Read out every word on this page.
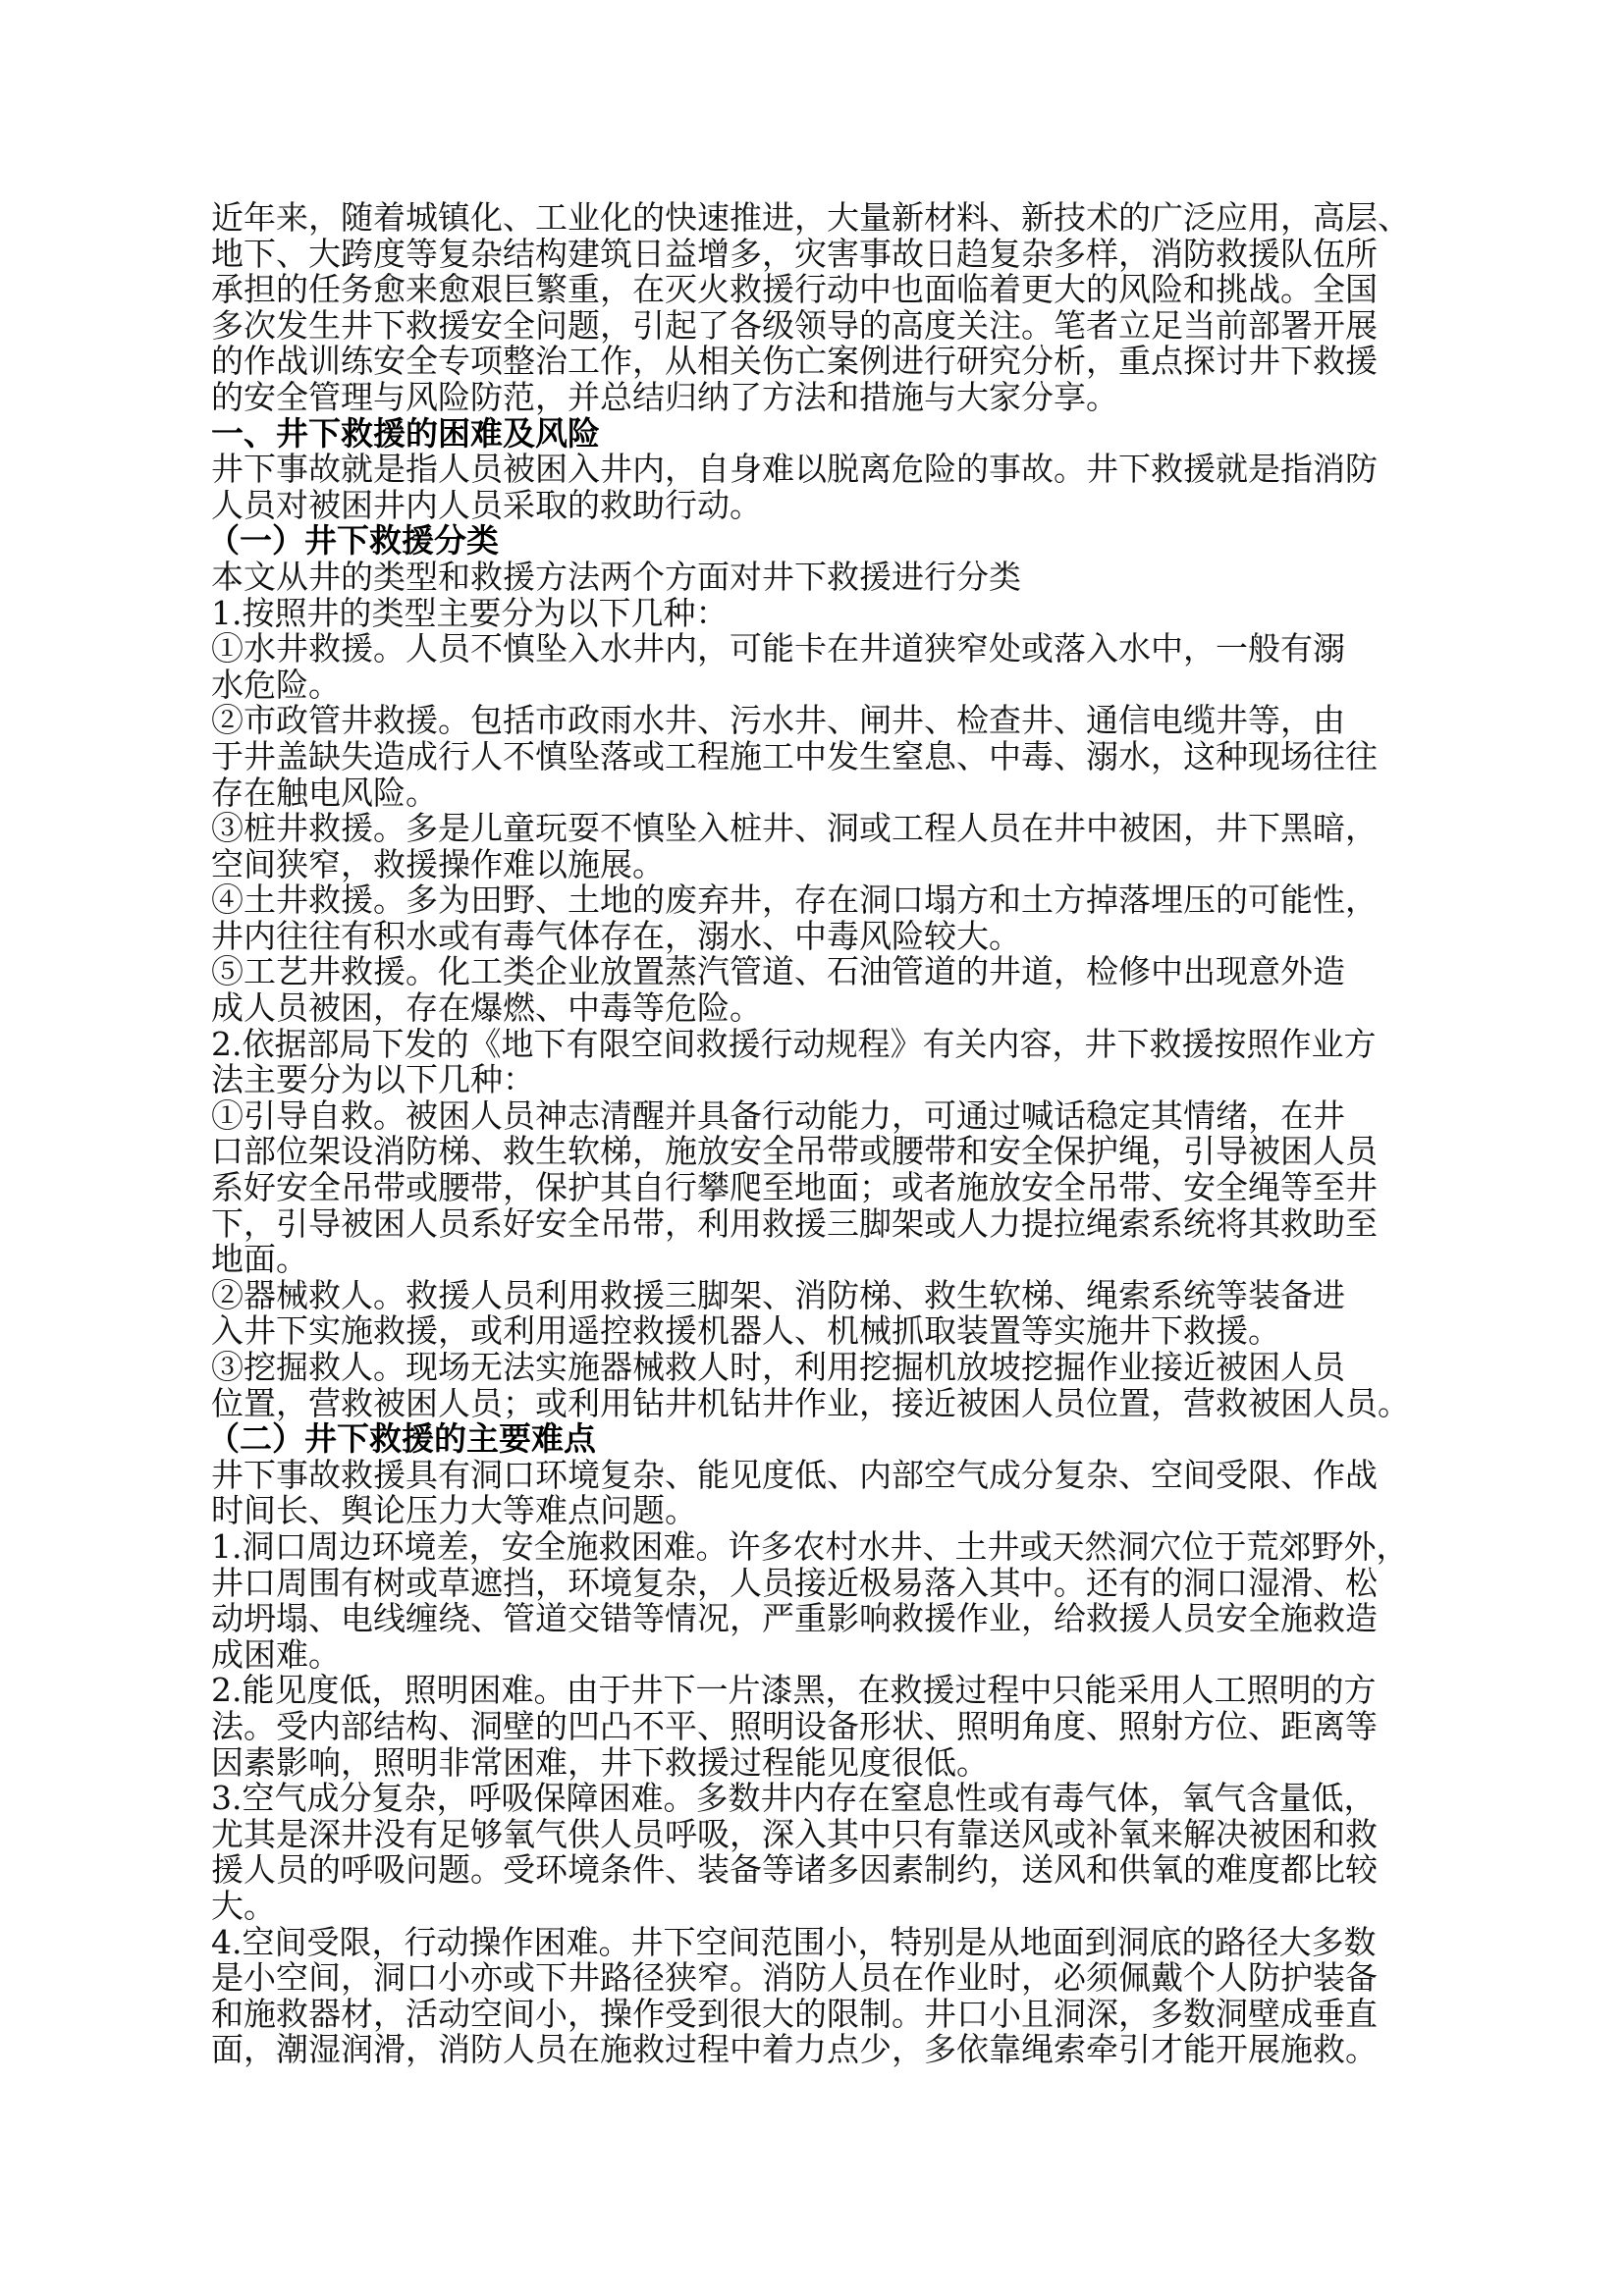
近年来，随着城镇化、工业化的快速推进，大量新材料、新技术的广泛应用，高层、
地下、大跨度等复杂结构建筑日益增多，灾害事故日趋复杂多样，消防救援队伍所
承担的任务愈来愈艰巨繁重，在灭火救援行动中也面临着更大的风险和挑战。全国
多次发生井下救援安全问题，引起了各级领导的高度关注。笔者立足当前部署开展
的作战训练安全专项整治工作，从相关伤亡案例进行研究分析，重点探讨井下救援
的安全管理与风险防范，并总结归纳了方法和措施与大家分享。
一、井下救援的困难及风险
井下事故就是指人员被困入井内，自身难以脱离危险的事故。井下救援就是指消防
人员对被困井内人员采取的救助行动。
（一）井下救援分类
本文从井的类型和救援方法两个方面对井下救援进行分类
1.按照井的类型主要分为以下几种：
①水井救援。人员不慎坠入水井内，可能卡在井道狭窄处或落入水中，一般有溺
水危险。
②市政管井救援。包括市政雨水井、污水井、闸井、检查井、通信电缆井等，由
于井盖缺失造成行人不慎坠落或工程施工中发生窒息、中毒、溺水，这种现场往往
存在触电风险。
③桩井救援。多是儿童玩耍不慎坠入桩井、洞或工程人员在井中被困，井下黑暗，
空间狭窄，救援操作难以施展。
④土井救援。多为田野、土地的废弃井，存在洞口塌方和土方掉落埋压的可能性，
井内往往有积水或有毒气体存在，溺水、中毒风险较大。
⑤工艺井救援。化工类企业放置蒸汽管道、石油管道的井道，检修中出现意外造
成人员被困，存在爆燃、中毒等危险。
2.依据部局下发的《地下有限空间救援行动规程》有关内容，井下救援按照作业方
法主要分为以下几种：
①引导自救。被困人员神志清醒并具备行动能力，可通过喊话稳定其情绪，在井
口部位架设消防梯、救生软梯，施放安全吊带或腰带和安全保护绳，引导被困人员
系好安全吊带或腰带，保护其自行攀爬至地面；或者施放安全吊带、安全绳等至井
下，引导被困人员系好安全吊带，利用救援三脚架或人力提拉绳索系统将其救助至
地面。
②器械救人。救援人员利用救援三脚架、消防梯、救生软梯、绳索系统等装备进
入井下实施救援，或利用遥控救援机器人、机械抓取装置等实施井下救援。
③挖掘救人。现场无法实施器械救人时，利用挖掘机放坡挖掘作业接近被困人员
位置，营救被困人员；或利用钻井机钻井作业，接近被困人员位置，营救被困人员。
（二）井下救援的主要难点
井下事故救援具有洞口环境复杂、能见度低、内部空气成分复杂、空间受限、作战
时间长、舆论压力大等难点问题。
1.洞口周边环境差，安全施救困难。许多农村水井、土井或天然洞穴位于荒郊野外，
井口周围有树或草遮挡，环境复杂，人员接近极易落入其中。还有的洞口湿滑、松
动坍塌、电线缠绕、管道交错等情况，严重影响救援作业，给救援人员安全施救造
成困难。
2.能见度低，照明困难。由于井下一片漆黑，在救援过程中只能采用人工照明的方
法。受内部结构、洞壁的凹凸不平、照明设备形状、照明角度、照射方位、距离等
因素影响，照明非常困难，井下救援过程能见度很低。
3.空气成分复杂，呼吸保障困难。多数井内存在窒息性或有毒气体，氧气含量低，
尤其是深井没有足够氧气供人员呼吸，深入其中只有靠送风或补氧来解决被困和救
援人员的呼吸问题。受环境条件、装备等诸多因素制约，送风和供氧的难度都比较
大。
4.空间受限，行动操作困难。井下空间范围小，特别是从地面到洞底的路径大多数
是小空间，洞口小亦或下井路径狭窄。消防人员在作业时，必须佩戴个人防护装备
和施救器材，活动空间小，操作受到很大的限制。井口小且洞深，多数洞壁成垂直
面，潮湿润滑，消防人员在施救过程中着力点少，多依靠绳索牵引才能开展施救。
